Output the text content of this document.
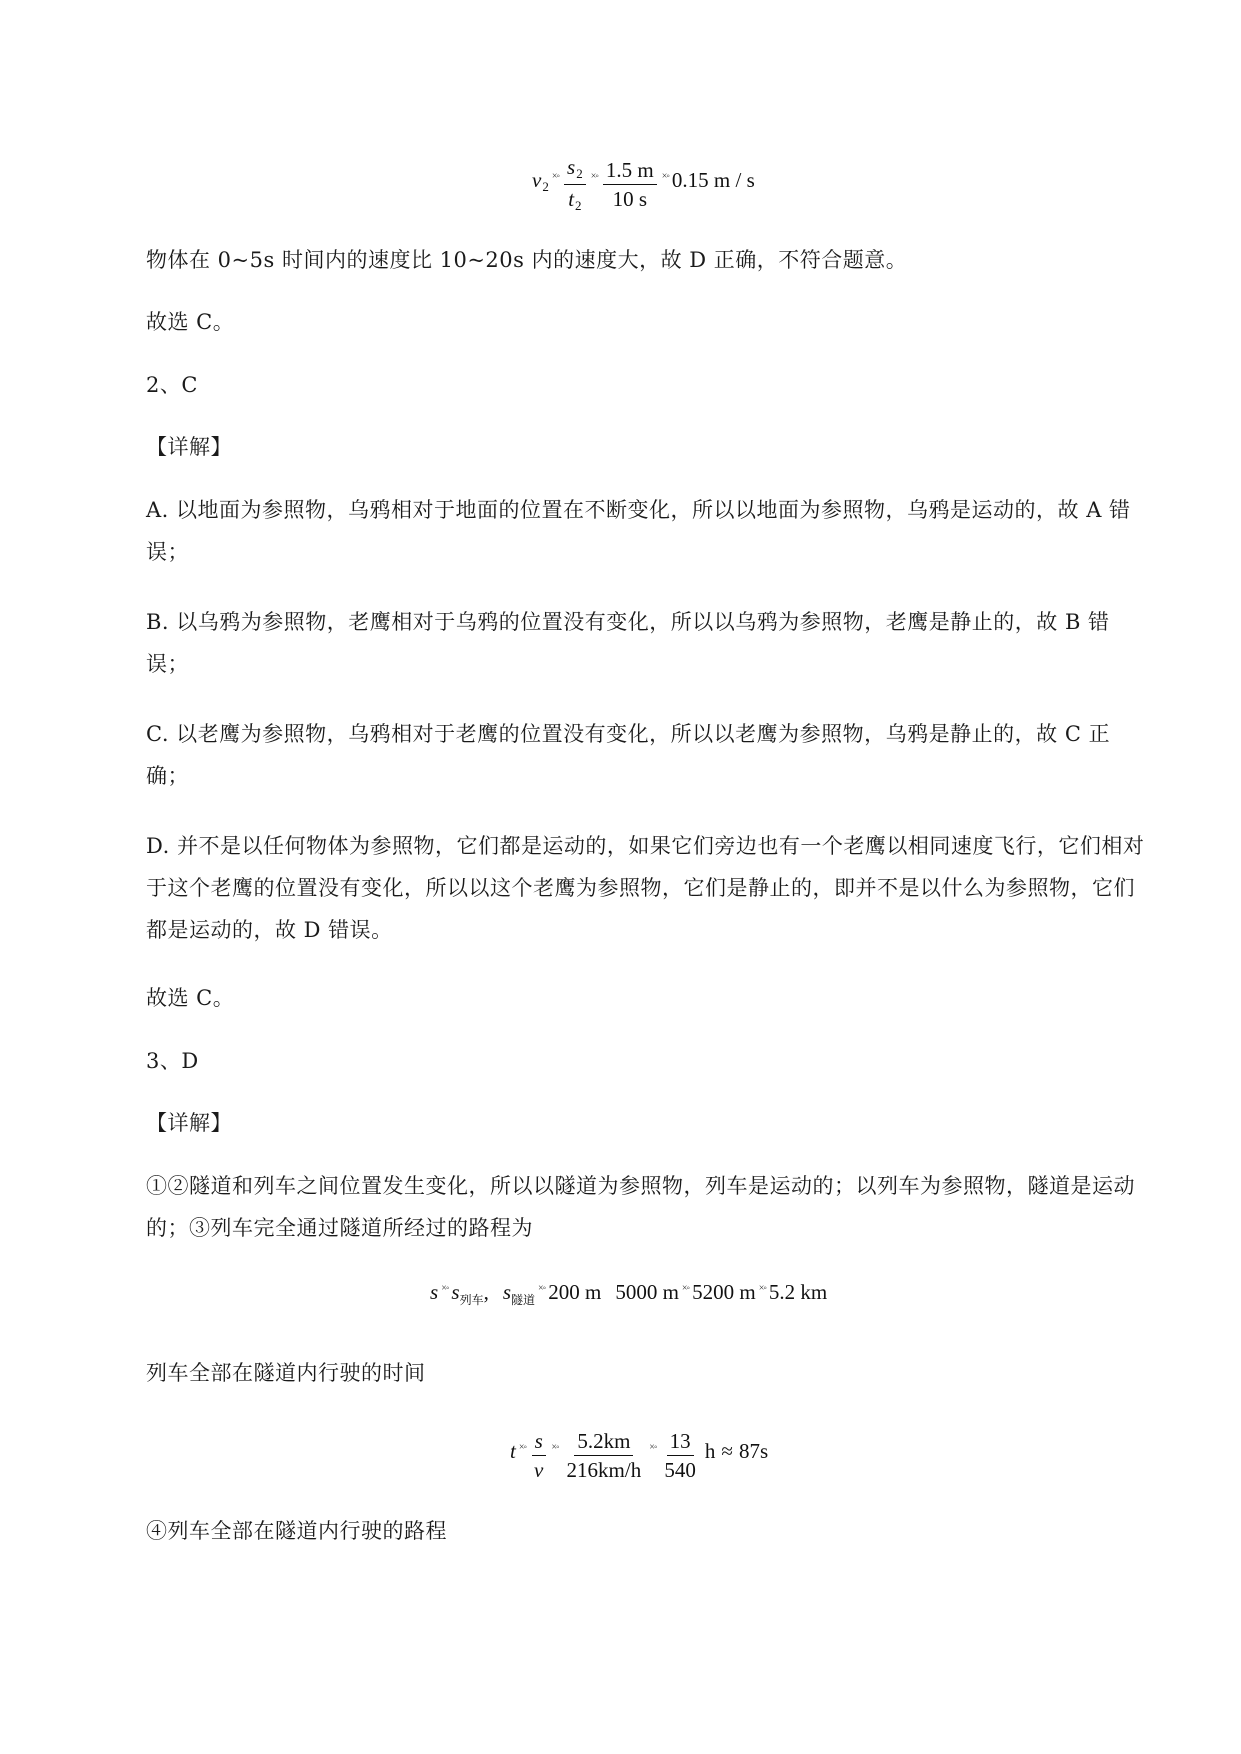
v 2
×◦ $\frac{s2}{t2}$ ×◦ $\frac{1.5 m}{10 s}$ ×◦ 0.15 m / s
物体在 0~5s 时间内的速度比 10~20s 内的速度大，故 D 正确，不符合题意。
故选 C。
2、C
【详解】
A. 以地面为参照物，乌鸦相对于地面的位置在不断变化，所以以地面为参照物，乌鸦是运动的，故 A 错误；
B. 以乌鸦为参照物，老鹰相对于乌鸦的位置没有变化，所以以乌鸦为参照物，老鹰是静止的，故 B 错误；
C. 以老鹰为参照物，乌鸦相对于老鹰的位置没有变化，所以以老鹰为参照物，乌鸦是静止的，故 C 正确；
D. 并不是以任何物体为参照物，它们都是运动的，如果它们旁边也有一个老鹰以相同速度飞行，它们相对于这个老鹰的位置没有变化，所以以这个老鹰为参照物，它们是静止的，即并不是以什么为参照物，它们都是运动的，故 D 错误。
故选 C。
3、D
【详解】
①②隧道和列车之间位置发生变化，所以以隧道为参照物，列车是运动的；以列车为参照物，隧道是运动的；③列车完全通过隧道所经过的路程为
s ×◦ s 列车 , s 隧道
×◦ 200 m 5000 m ×◦ 5200 m ×◦ 5.2 km
列车全部在隧道内行驶的时间
t ×◦ $\frac{s}{v}$ ×◦ $\frac{5.2km}{216km/h}$ ×◦ $\frac{13}{540}$ h ≈ 87s
④列车全部在隧道内行驶的路程
